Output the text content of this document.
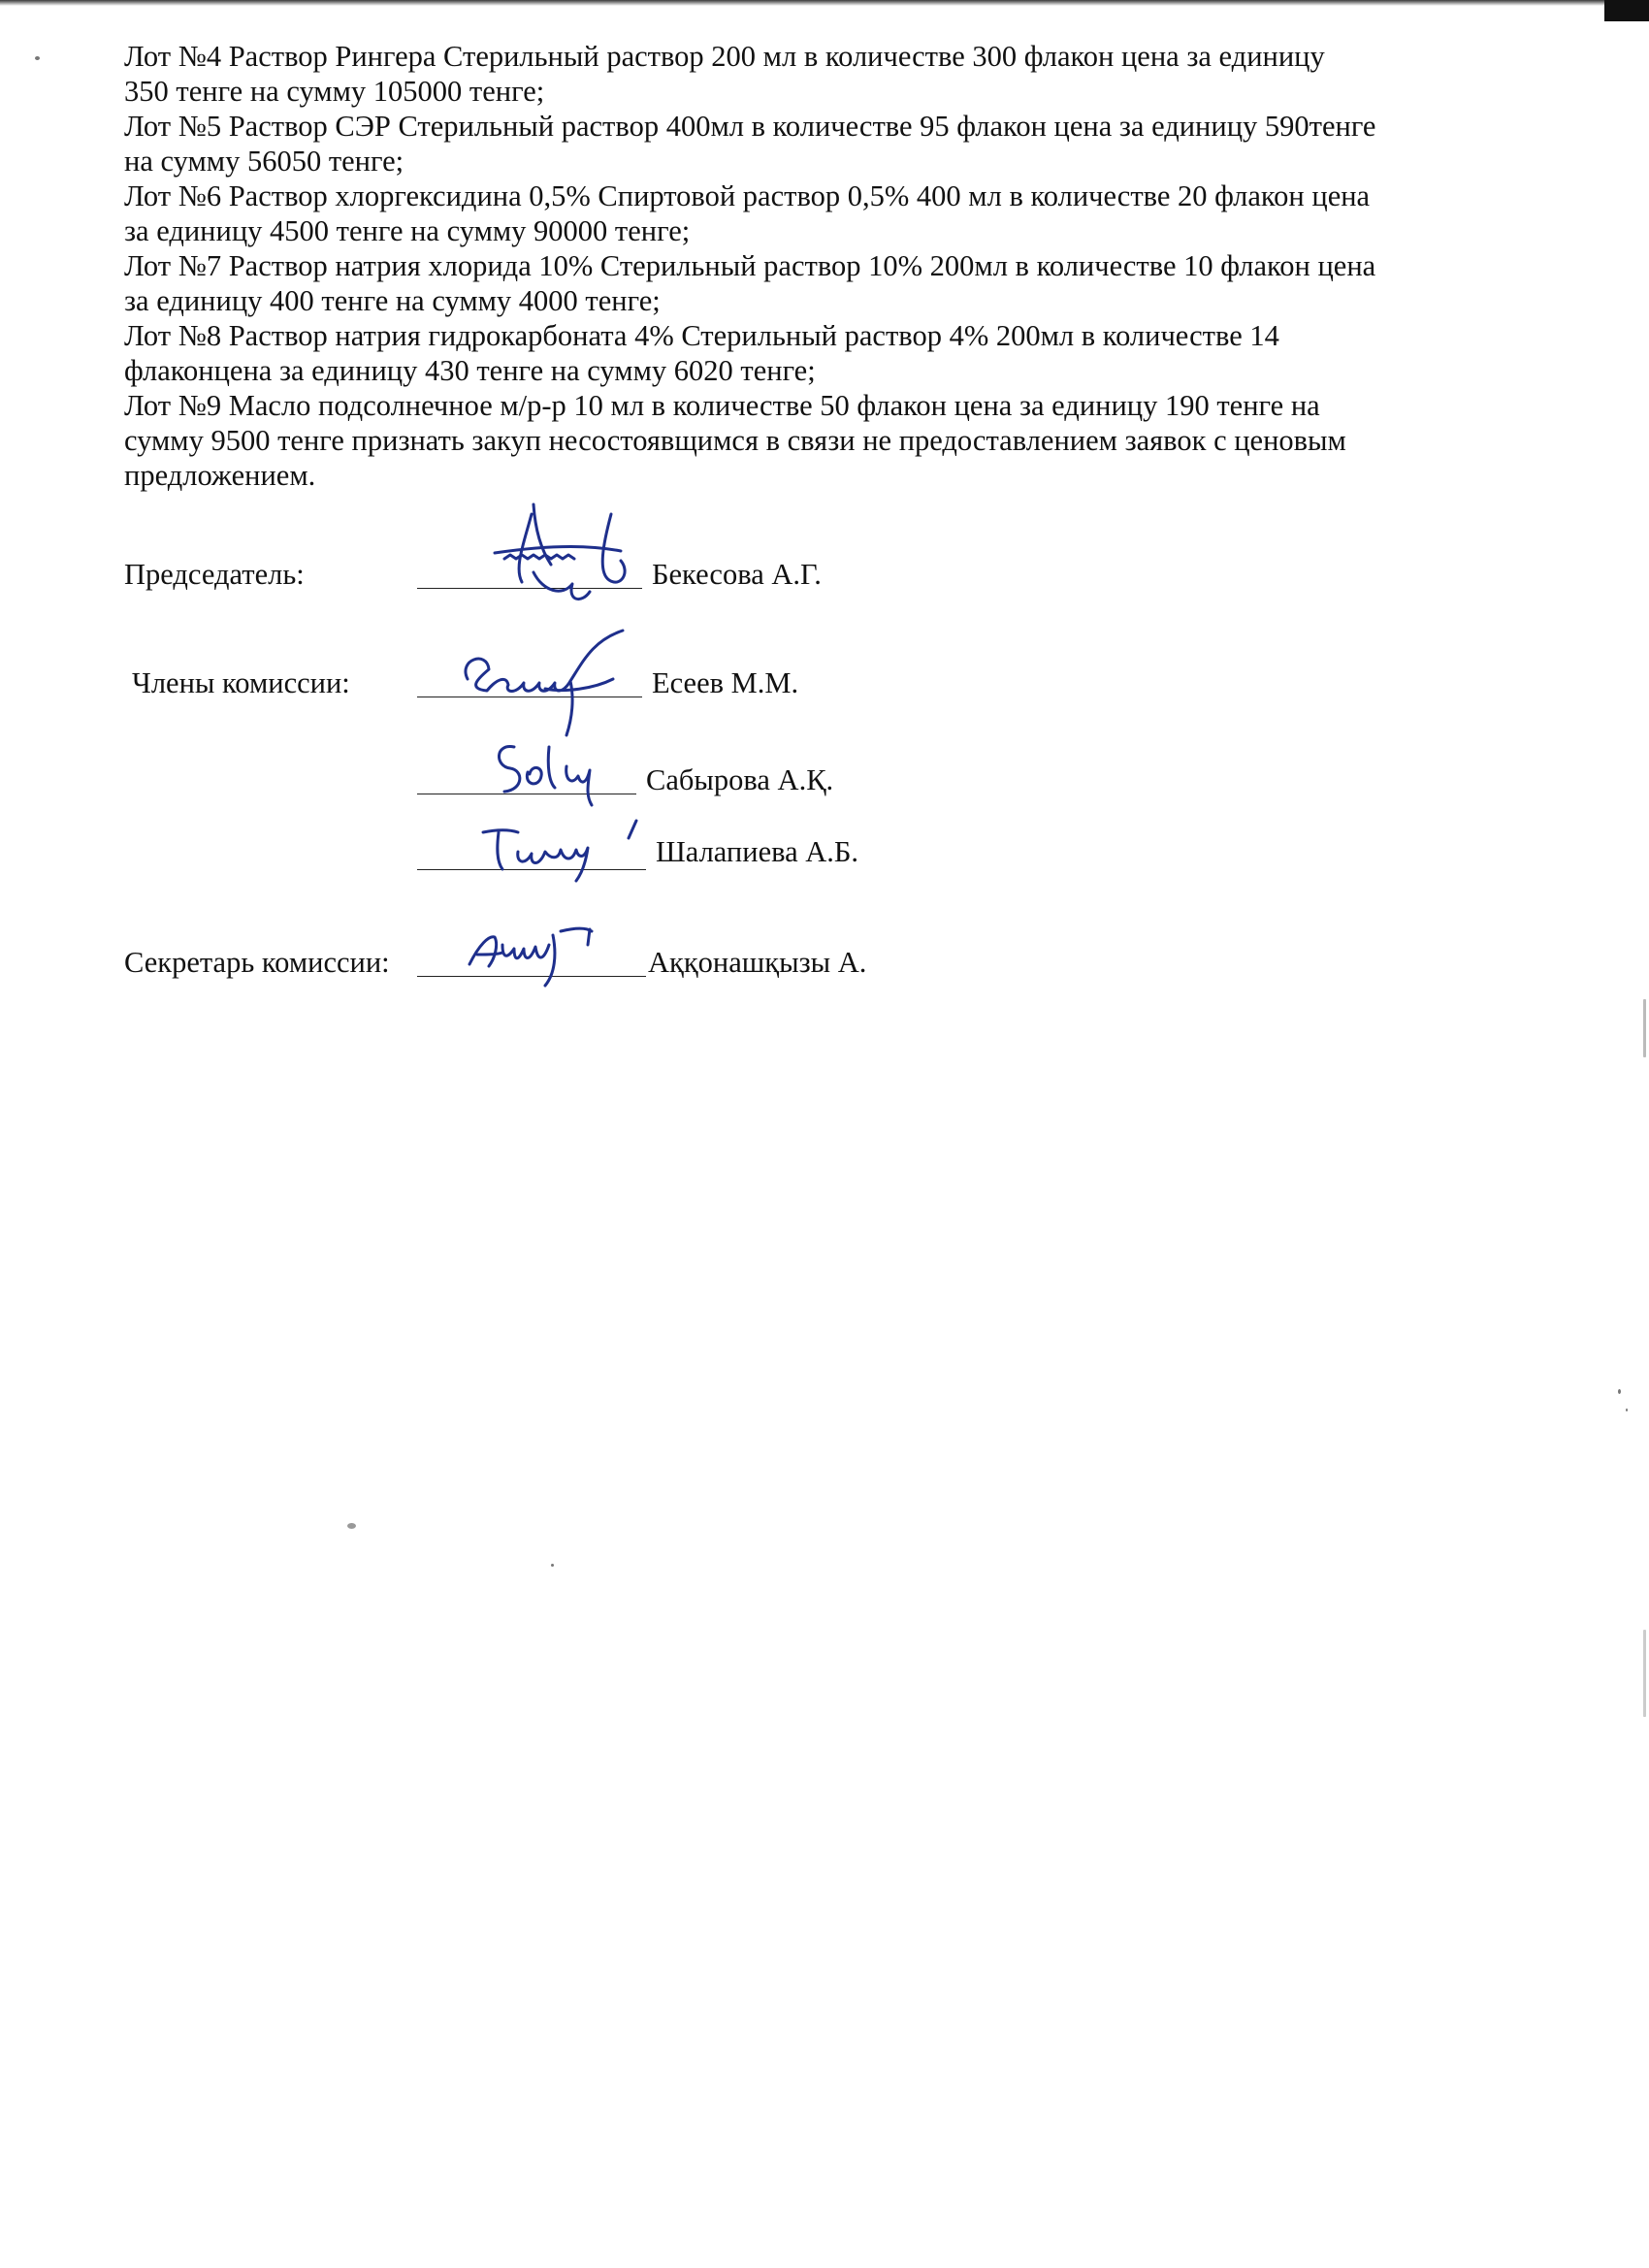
Лот №4 Раствор Рингера Стерильный раствор 200 мл в количестве 300 флакон цена за единицу
350 тенге на сумму 105000 тенге;

Лот №5 Раствор СЭР Стерильный раствор 400мл в количестве 95 флакон цена за единицу 590тенге
на сумму 56050 тенге;

Лот №6 Раствор хлоргексидина 0,5% Спиртовой раствор 0,5% 400 мл в количестве 20 флакон цена
за единицу 4500 тенге на сумму 90000 тенге;

Лот №7 Раствор натрия хлорида 10% Стерильный раствор 10% 200мл в количестве 10 флакон цена
за единицу 400 тенге на сумму 4000 тенге;

Лот №8 Раствор натрия гидрокарбоната 4% Стерильный раствор 4% 200мл в количестве 14
флаконцена за единицу 430 тенге на сумму 6020 тенге;

Лот №9 Масло подсолнечное м/р-р 10 мл в количестве 50 флакон цена за единицу 190 тенге на
сумму 9500 тенге признать закуп несостоявщимся в связи не предоставлением заявок с ценовым
предложением.

Председатель:	Бекесова А.Г.
Члены комиссии:	Есеев М.М.
Сабырова А.Қ.
Шалапиева А.Б.
Секретарь комиссии:	Аққонашқызы А.
